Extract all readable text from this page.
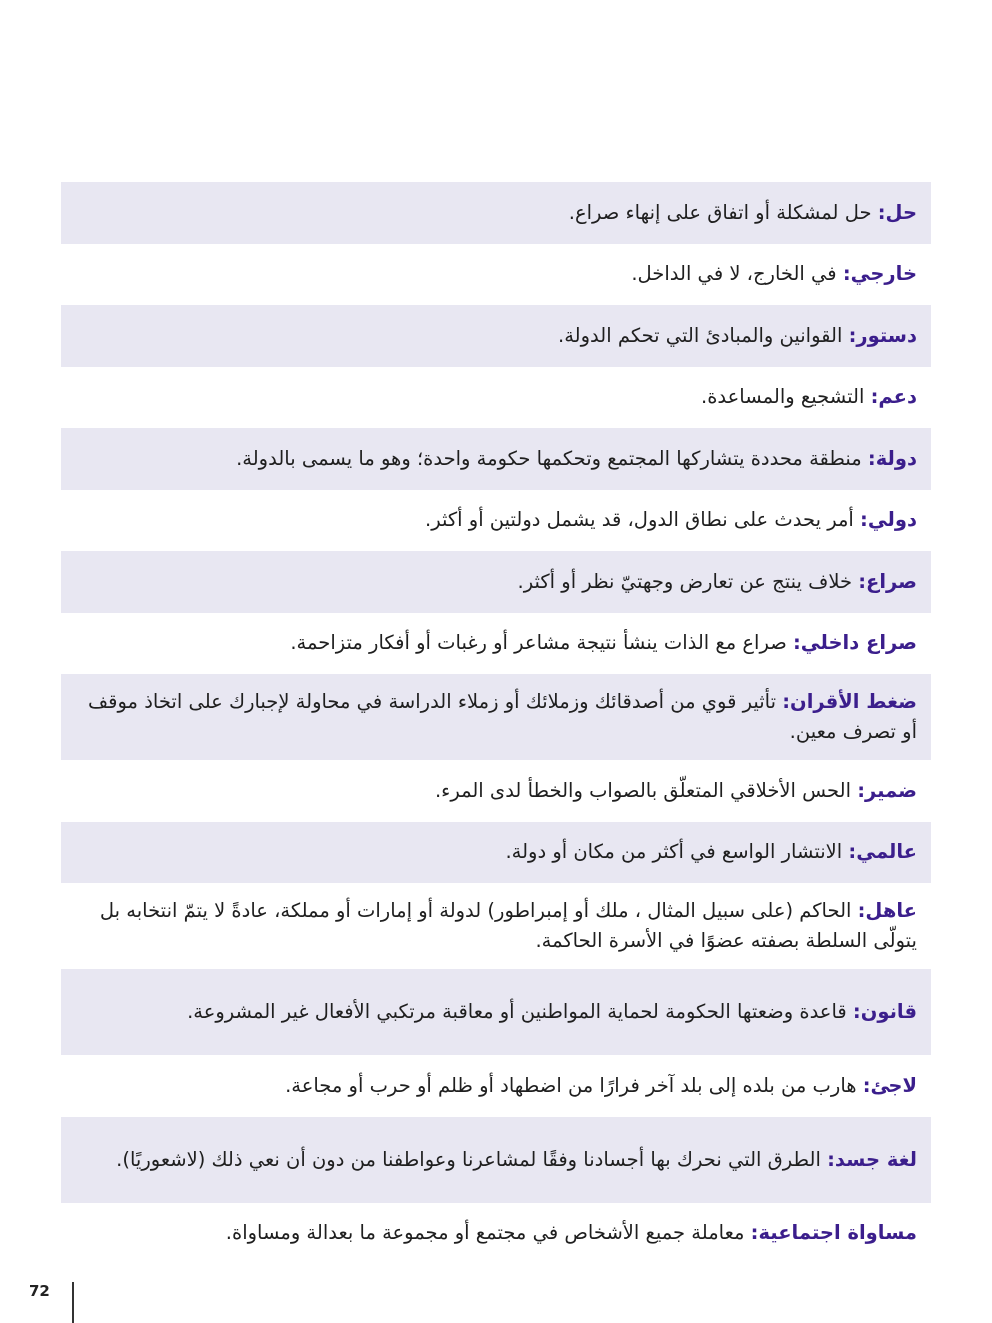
حل: حل لمشكلة أو اتفاق على إنهاء صراع.
خارجي: في الخارج، لا في الداخل.
دستور: القوانين والمبادئ التي تحكم الدولة.
دعم: التشجيع والمساعدة.
دولة: منطقة محددة يتشاركها المجتمع وتحكمها حكومة واحدة؛ وهو ما يسمى بالدولة.
دولي: أمر يحدث على نطاق الدول، قد يشمل دولتين أو أكثر.
صراع: خلاف ينتج عن تعارض وجهتيّ نظر أو أكثر.
صراع داخلي: صراع مع الذات ينشأ نتيجة مشاعر أو رغبات أو أفكار متزاحمة.
ضغط الأقران: تأثير قوي من أصدقائك وزملائك أو زملاء الدراسة في محاولة لإجبارك على اتخاذ موقف أو تصرف معين.
ضمير: الحس الأخلاقي المتعلّق بالصواب والخطأ لدى المرء.
عالمي: الانتشار الواسع في أكثر من مكان أو دولة.
عاهل: الحاكم (على سبيل المثال ، ملك أو إمبراطور) لدولة أو إمارات أو مملكة، عادةً لا يتمّ انتخابه بل يتولّى السلطة بصفته عضوًا في الأسرة الحاكمة.
قانون: قاعدة وضعتها الحكومة لحماية المواطنين أو معاقبة مرتكبي الأفعال غير المشروعة.
لاجئ: هارب من بلده إلى بلد آخر فرارًا من اضطهاد أو ظلم أو حرب أو مجاعة.
لغة جسد: الطرق التي نحرك بها أجسادنا وفقًا لمشاعرنا وعواطفنا من دون أن نعي ذلك (لاشعوريًا).
مساواة اجتماعية: معاملة جميع الأشخاص في مجتمع أو مجموعة ما بعدالة ومساواة.
72
